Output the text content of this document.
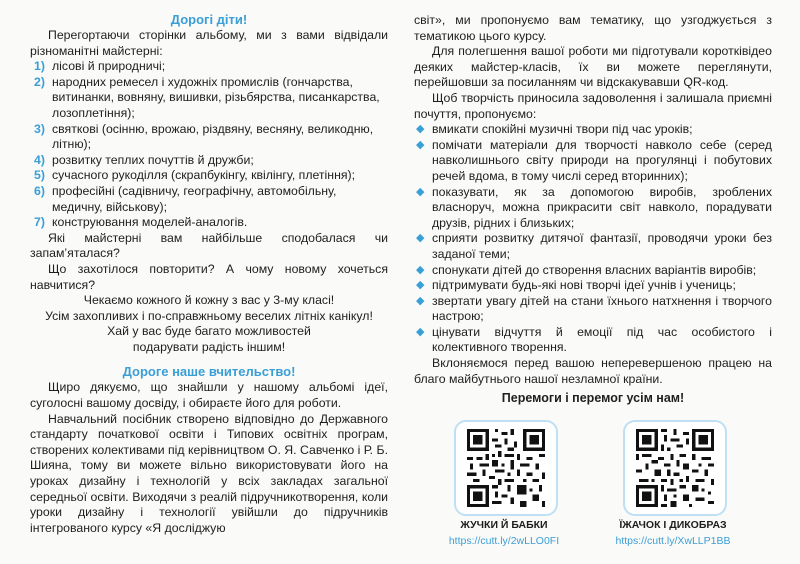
Дорогі діти!

Перегортаючи сторінки альбому, ми з вами відвідали різноманітні майстерні:

1) лісові й природничі;
2) народних ремесел і художніх промислів (гончарства, витинанки, вовняну, вишивки, різьбярства, писанкарства, лозоплетіння);
3) святкові (осінню, врожаю, різдвяну, весняну, великодню, літню);
4) розвитку теплих почуттів й дружби;
5) сучасного рукоділля (скрапбукінгу, квілінгу, плетіння);
6) професійні (садівничу, географічну, автомобільну, медичну, військову);
7) конструювання моделей-аналогів.

Які майстерні вам найбільше сподобалася чи запам’яталася?

Що захотілося повторити? А чому новому хочеться навчитися?

Чекаємо кожного й кожну з вас у 3-му класі!

Усім захопливих і по-справжньому веселих літніх канікул!

Хай у вас буде багато можливостей

подарувати радість іншим!

Дороге наше вчительство!

Щиро дякуємо, що знайшли у нашому альбомі ідеї, суголосні вашому досвіду, і обираєте його для роботи.

Навчальний посібник створено відповідно до Державного стандарту початкової освіти і Типових освітніх програм, створених колективами під керівництвом О. Я. Савченко і Р. Б. Шияна, тому ви можете вільно використовувати його на уроках дизайну і технологій у всіх закладах загальної середньої освіти. Виходячи з реалій підручникотворення, коли уроки дизайну і технології увійшли до підручників інтегрованого курсу «Я досліджую

світ», ми пропонуємо вам тематику, що узгоджується з тематикою цього курсу.

Для полегшення вашої роботи ми підготували коротківідео деяких майстер-класів, їх ви можете переглянути, перейшовши за посиланням чи відскакувавши QR-код.

Щоб творчість приносила задоволення і залишала приємні почуття, пропонуємо:

◆ вмикати спокійні музичні твори під час уроків;
◆ помічати матеріали для творчості навколо себе (серед навколишнього світу природи на прогулянці і побутових речей вдома, в тому числі серед вторинних);
◆ показувати, як за допомогою виробів, зроблених власноруч, можна прикрасити світ навколо, порадувати друзів, рідних і близьких;
◆ сприяти розвитку дитячої фантазії, проводячи уроки без заданої теми;
◆ спонукати дітей до створення власних варіантів виробів;
◆ підтримувати будь-які нові творчі ідеї учнів і учениць;
◆ звертати увагу дітей на стани їхнього натхнення і творчого настрою;
◆ цінувати відчуття й емоції під час особистого і колективного творення.

Вклоняємося перед вашою неперевершеною працею на благо майбутнього нашої незламної країни.

Перемоги і перемог усім нам!

ЖУЧКИ Й БАБКИ
https://cutt.ly/2wLLO0FI
ЇЖАЧОК І ДИКОБРАЗ
https://cutt.ly/XwLLP1BB
